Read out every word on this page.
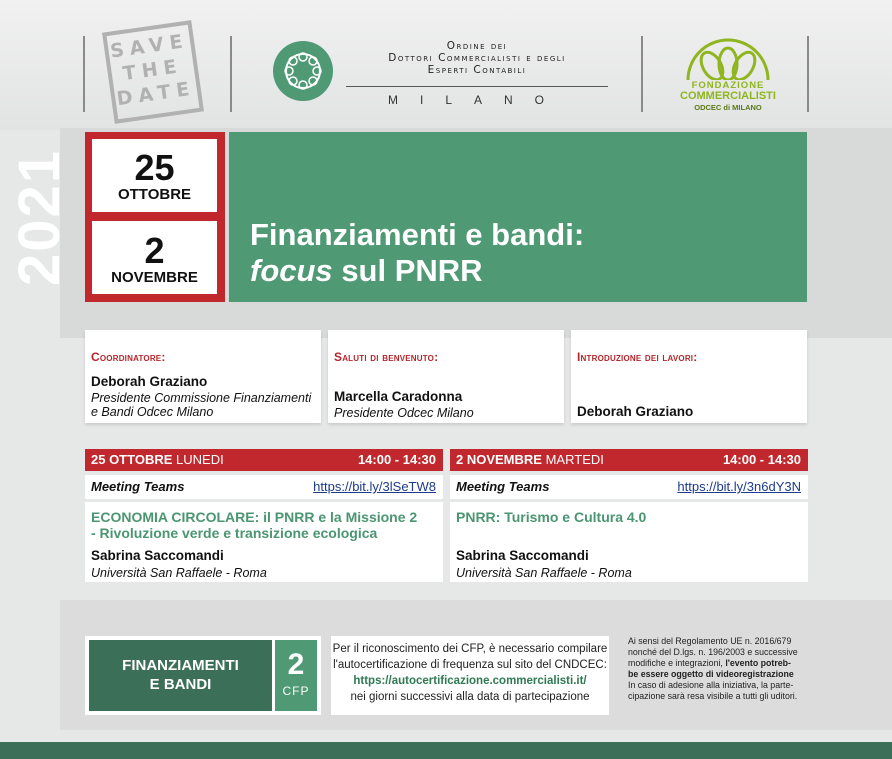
SAVE
THE
DATE
Ordine dei
Dottori Commercialisti e degli
Esperti Contabili
MILANO
FONDAZIONE
COMMERCIALISTI
ODCEC di MILANO
2021	25
OTTOBRE
2
NOVEMBRE
Finanziamenti e bandi:
focus sul PNRR
Coordinatore:
Deborah Graziano
Presidente Commissione Finanziamenti
e Bandi Odcec Milano
Saluti di benvenuto:
Marcella Caradonna
Presidente Odcec Milano
Introduzione dei lavori:
Deborah Graziano
25 OTTOBRE LUNEDI	14:00 - 14:30
Meeting Teams	https://bit.ly/3lSeTW8
ECONOMIA CIRCOLARE: il PNRR e la Missione 2 - Rivoluzione verde e transizione ecologica
Sabrina Saccomandi
Università San Raffaele - Roma
2 NOVEMBRE MARTEDI	14:00 - 14:30
Meeting Teams	https://bit.ly/3n6dY3N
PNRR: Turismo e Cultura 4.0
Sabrina Saccomandi
Università San Raffaele - Roma
FINANZIAMENTI
E BANDI
2
CFP
Per il riconoscimento dei CFP, è necessario compilare
l'autocertificazione di frequenza sul sito del CNDCEC:
https://autocertificazione.commercialisti.it/
nei giorni successivi alla data di partecipazione
Ai sensi del Regolamento UE n. 2016/679
nonché del D.lgs. n. 196/2003 e successive
modifiche e integrazioni, l'evento potreb-
be essere oggetto di videoregistrazione
In caso di adesione alla iniziativa, la parte-
cipazione sarà resa visibile a tutti gli uditori.
